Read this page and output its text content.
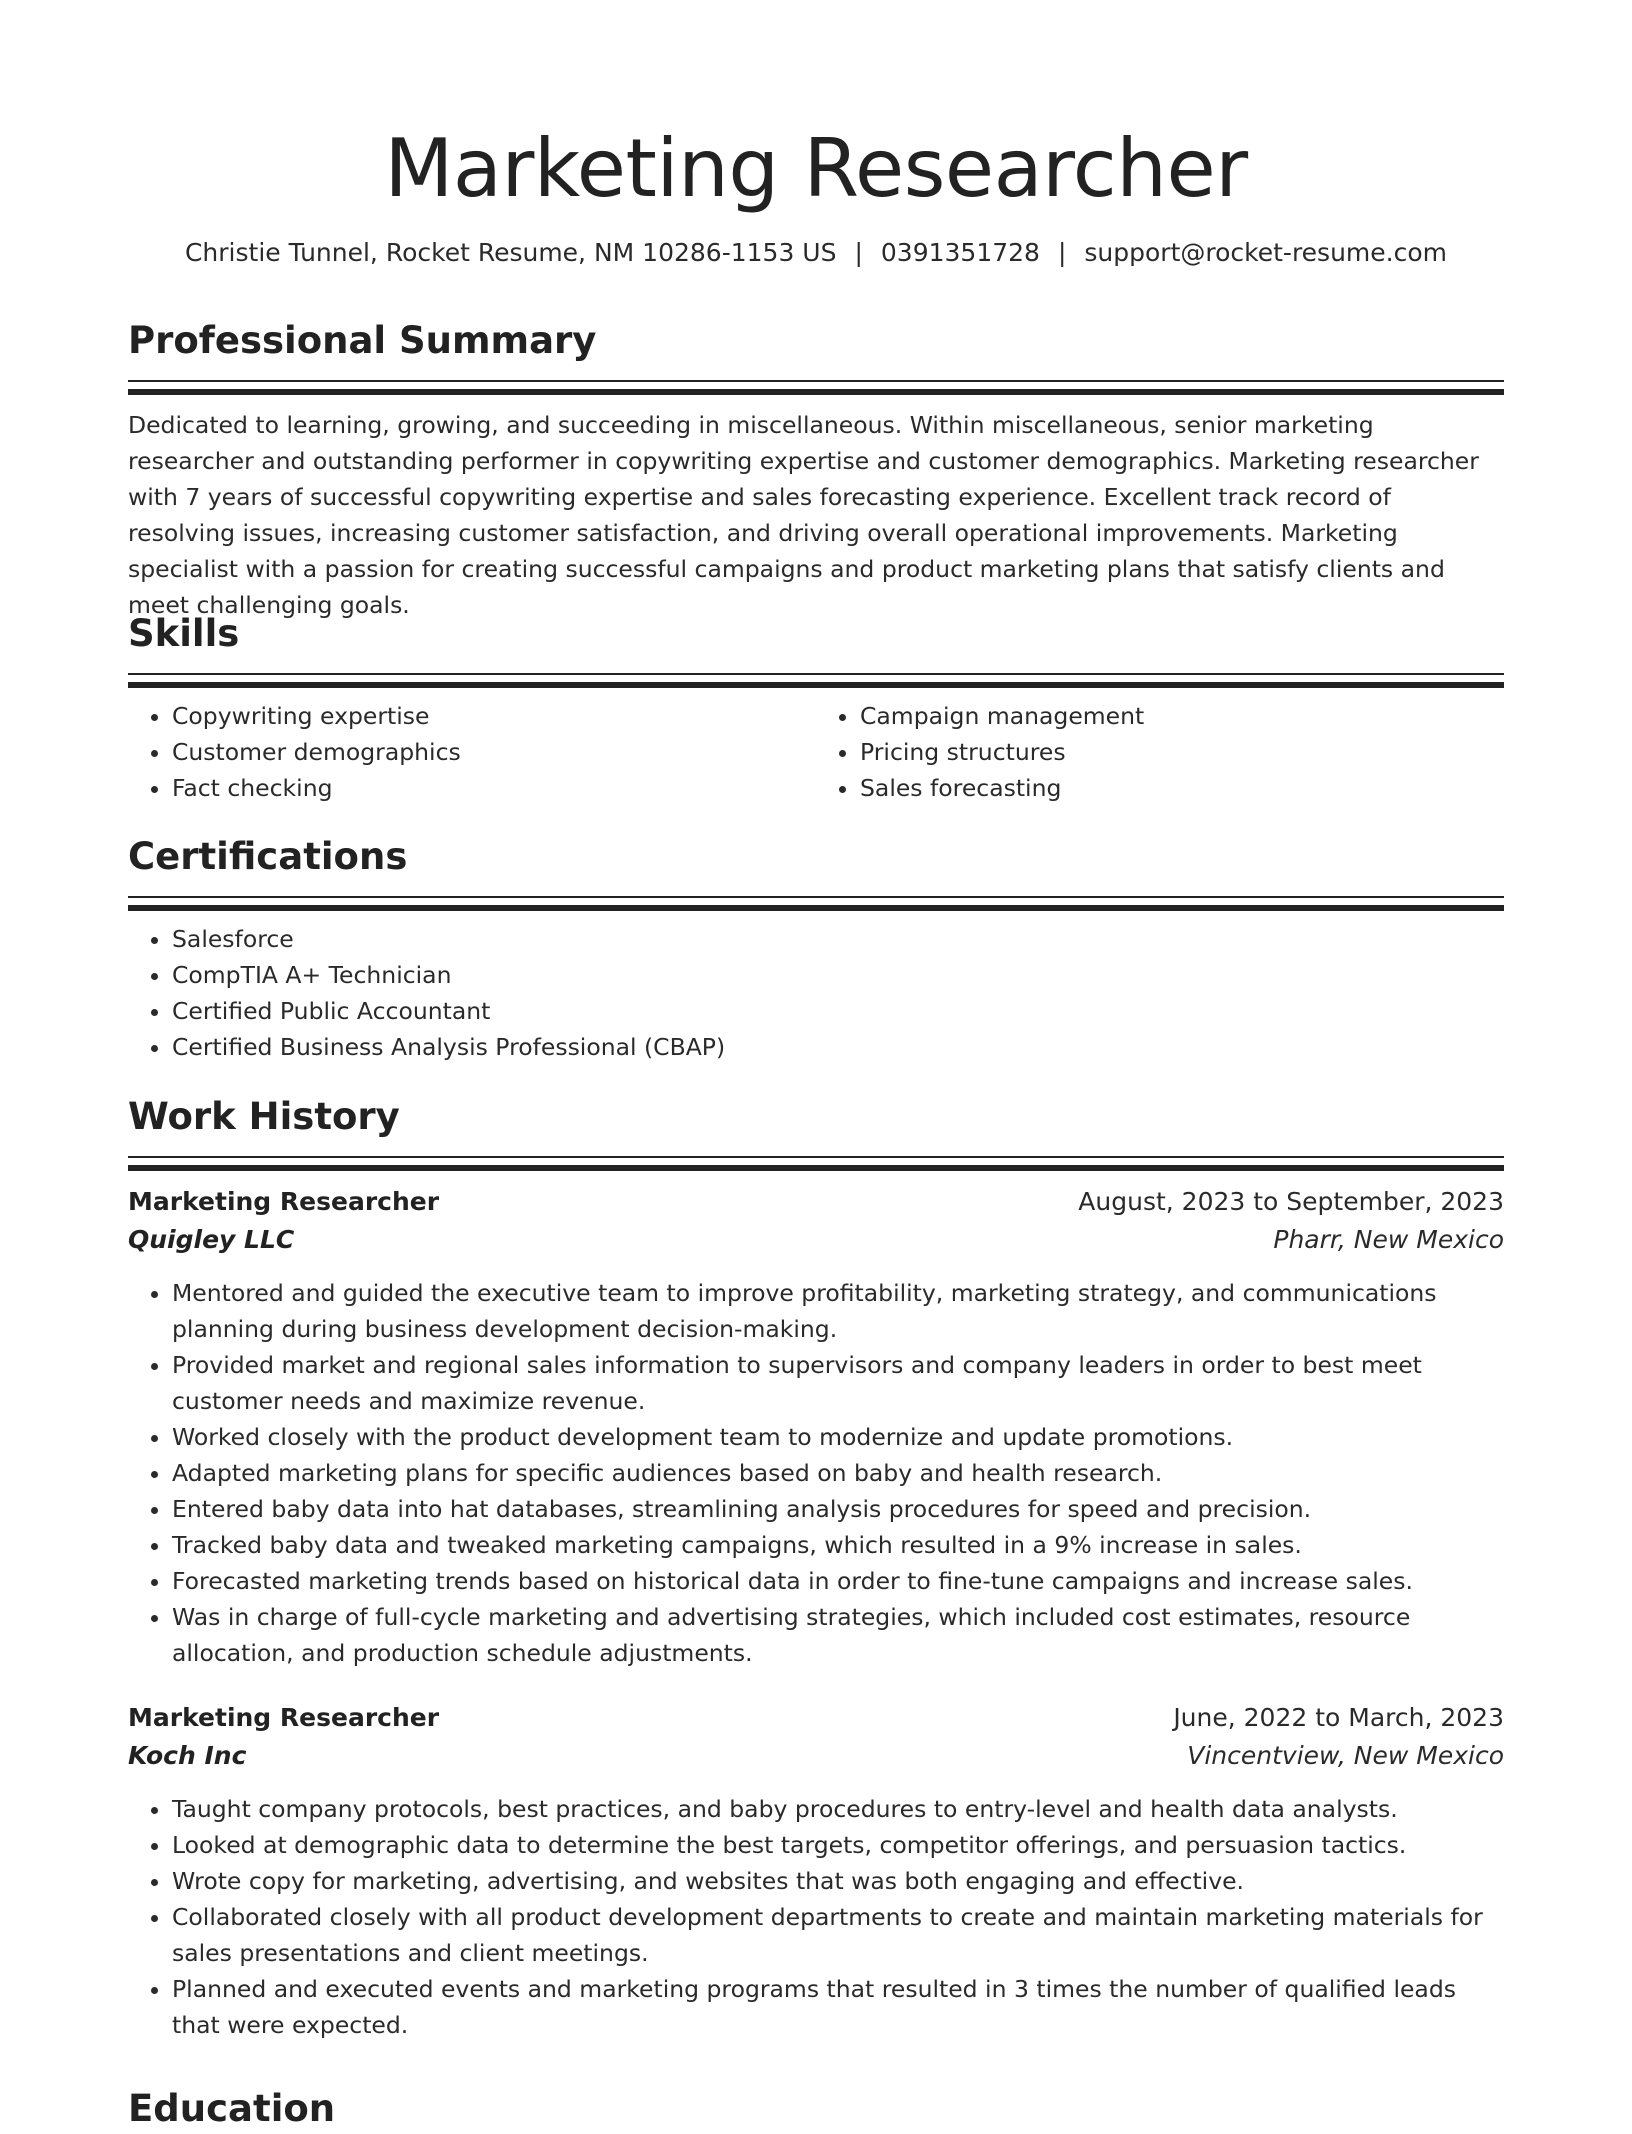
Marketing Researcher
Christie Tunnel, Rocket Resume, NM 10286-1153 US | 0391351728 | support@rocket-resume.com
Professional Summary

Dedicated to learning, growing, and succeeding in miscellaneous. Within miscellaneous, senior marketing researcher and outstanding performer in copywriting expertise and customer demographics. Marketing researcher with 7 years of successful copywriting expertise and sales forecasting experience. Excellent track record of resolving issues, increasing customer satisfaction, and driving overall operational improvements. Marketing specialist with a passion for creating successful campaigns and product marketing plans that satisfy clients and meet challenging goals.

Skills
• Copywriting expertise
• Customer demographics
• Fact checking
• Campaign management
• Pricing structures
• Sales forecasting
Certifications
• Salesforce
• CompTIA A+ Technician
• Certified Public Accountant
• Certified Business Analysis Professional (CBAP)
Work History
Marketing Researcher	August, 2023 to September, 2023
Quigley LLC	Pharr, New Mexico
• Mentored and guided the executive team to improve profitability, marketing strategy, and communications planning during business development decision-making.
• Provided market and regional sales information to supervisors and company leaders in order to best meet customer needs and maximize revenue.
• Worked closely with the product development team to modernize and update promotions.
• Adapted marketing plans for specific audiences based on baby and health research.
• Entered baby data into hat databases, streamlining analysis procedures for speed and precision.
• Tracked baby data and tweaked marketing campaigns, which resulted in a 9% increase in sales.
• Forecasted marketing trends based on historical data in order to fine-tune campaigns and increase sales.
• Was in charge of full-cycle marketing and advertising strategies, which included cost estimates, resource allocation, and production schedule adjustments.
Marketing Researcher	June, 2022 to March, 2023
Koch Inc	Vincentview, New Mexico
• Taught company protocols, best practices, and baby procedures to entry-level and health data analysts.
• Looked at demographic data to determine the best targets, competitor offerings, and persuasion tactics.
• Wrote copy for marketing, advertising, and websites that was both engaging and effective.
• Collaborated closely with all product development departments to create and maintain marketing materials for sales presentations and client meetings.
• Planned and executed events and marketing programs that resulted in 3 times the number of qualified leads that were expected.
Education
